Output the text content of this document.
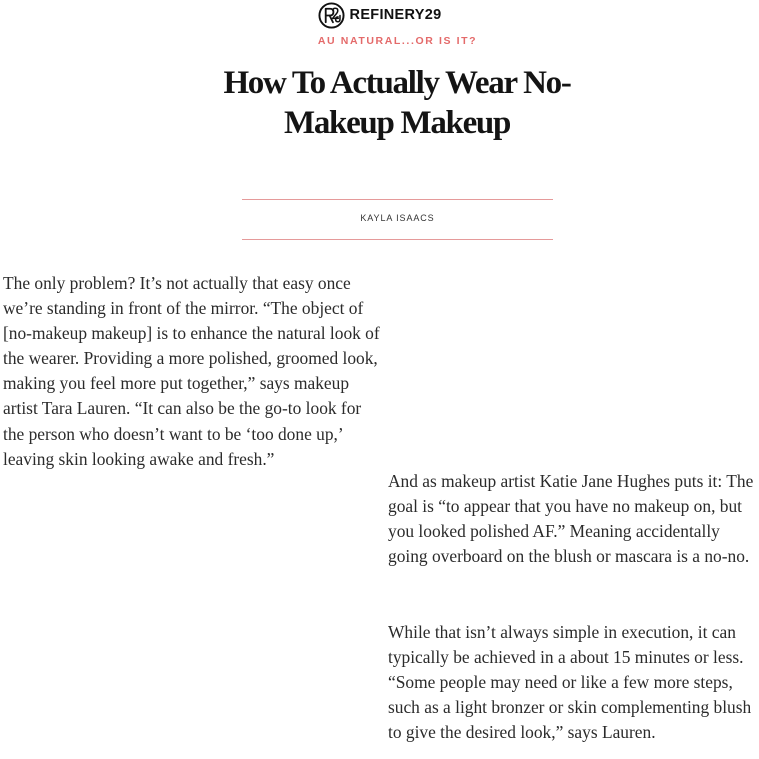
REFINERY29
AU NATURAL...OR IS IT?
How To Actually Wear No-Makeup Makeup
KAYLA ISAACS

The only problem? It’s not actually that easy once we’re standing in front of the mirror. “The object of [no-makeup makeup] is to enhance the natural look of the wearer. Providing a more polished, groomed look, making you feel more put together,” says makeup artist Tara Lauren. “It can also be the go-to look for the person who doesn’t want to be ‘too done up,’ leaving skin looking awake and fresh.”

And as makeup artist Katie Jane Hughes puts it: The goal is “to appear that you have no makeup on, but you looked polished AF.” Meaning accidentally going overboard on the blush or mascara is a no-no.

While that isn’t always simple in execution, it can typically be achieved in a about 15 minutes or less. “Some people may need or like a few more steps, such as a light bronzer or skin complementing blush to give the desired look,” says Lauren.
